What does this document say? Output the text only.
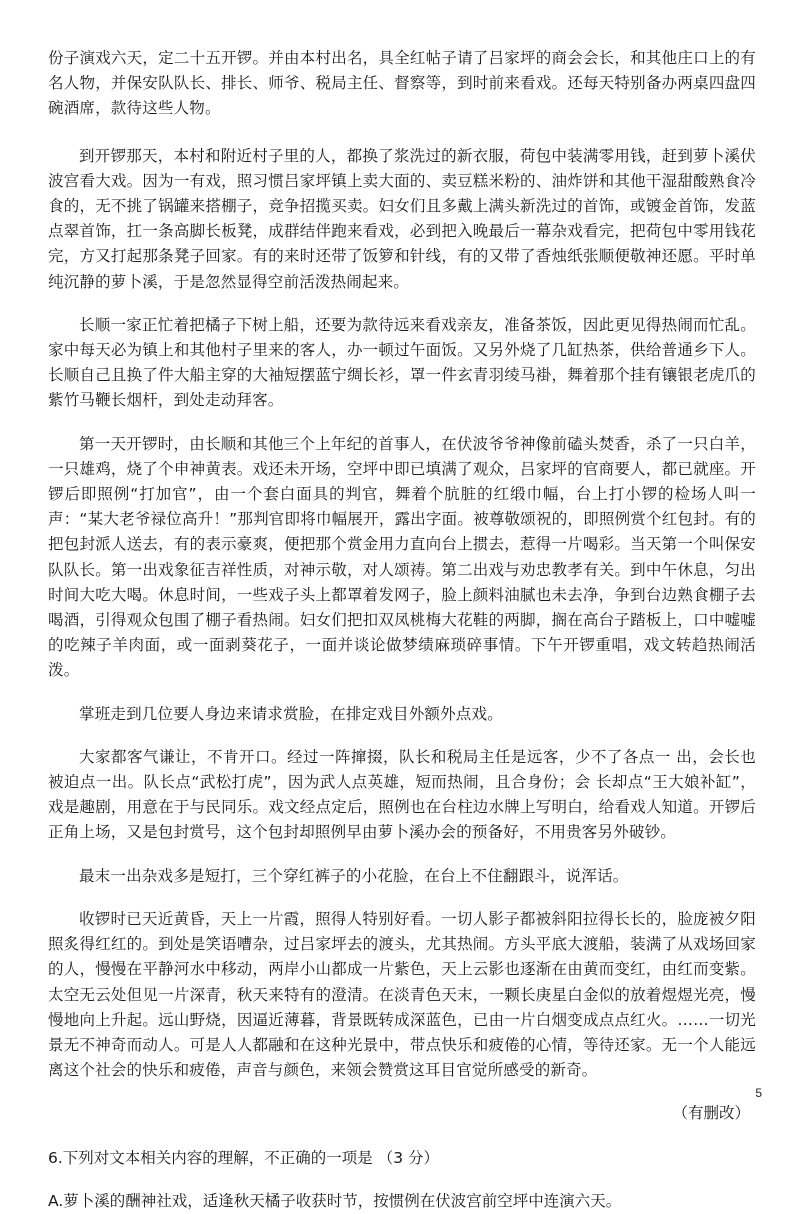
份子演戏六天，定二十五开锣。并由本村出名，具全红帖子请了吕家坪的商会会长，和其他庄口上的有名人物，并保安队队长、排长、师爷、税局主任、督察等，到时前来看戏。还每天特别备办两桌四盘四碗酒席，款待这些人物。

到开锣那天，本村和附近村子里的人，都换了浆洗过的新衣服，荷包中装满零用钱，赶到萝卜溪伏波宫看大戏。因为一有戏，照习惯吕家坪镇上卖大面的、卖豆糕米粉的、油炸饼和其他干湿甜酸熟食冷食的，无不挑了锅罐来搭棚子，竞争招揽买卖。妇女们且多戴上满头新洗过的首饰，或镀金首饰，发蓝点翠首饰，扛一条高脚长板凳，成群结伴跑来看戏，必到把入晚最后一幕杂戏看完，把荷包中零用钱花完，方又打起那条凳子回家。有的来时还带了饭箩和针线，有的又带了香烛纸张顺便敬神还愿。平时单纯沉静的萝卜溪，于是忽然显得空前活泼热闹起来。

长顺一家正忙着把橘子下树上船，还要为款待远来看戏亲友，准备茶饭，因此更见得热闹而忙乱。家中每天必为镇上和其他村子里来的客人，办一顿过午面饭。又另外烧了几缸热茶，供给普通乡下人。长顺自己且换了件大船主穿的大袖短摆蓝宁绸长衫，罩一件玄青羽绫马褂，舞着那个挂有镶银老虎爪的紫竹马鞭长烟杆，到处走动拜客。

第一天开锣时，由长顺和其他三个上年纪的首事人，在伏波爷爷神像前磕头焚香，杀了一只白羊，一只雄鸡，烧了个申神黄表。戏还未开场，空坪中即已填满了观众，吕家坪的官商要人，都已就座。开锣后即照例“打加官”，由一个套白面具的判官，舞着个肮脏的红缎巾幅，台上打小锣的检场人叫一声：“某大老爷禄位高升！”那判官即将巾幅展开，露出字面。被尊敬颂祝的，即照例赏个红包封。有的把包封派人送去，有的表示豪爽，便把那个赏金用力直向台上掼去，惹得一片喝彩。当天第一个叫保安队队长。第一出戏象征吉祥性质，对神示敬，对人颂祷。第二出戏与劝忠教孝有关。到中午休息，匀出时间大吃大喝。休息时间，一些戏子头上都罩着发网子，脸上颜料油腻也未去净，争到台边熟食棚子去喝酒，引得观众包围了棚子看热闹。妇女们把扣双凤桃梅大花鞋的两脚，搁在高台子踏板上，口中嘘嘘的吃辣子羊肉面，或一面剥葵花子，一面并谈论做梦绩麻琐碎事情。下午开锣重唱，戏文转趋热闹活泼。

掌班走到几位要人身边来请求赏脸，在排定戏目外额外点戏。

大家都客气谦让，不肯开口。经过一阵撺掇，队长和税局主任是远客，少不了各点一 出，会长也被迫点一出。队长点“武松打虎”，因为武人点英雄，短而热闹，且合身份；会 长却点“王大娘补缸”，戏是趣剧，用意在于与民同乐。戏文经点定后，照例也在台柱边水牌上写明白，给看戏人知道。开锣后正角上场，又是包封赏号，这个包封却照例早由萝卜溪办会的预备好，不用贵客另外破钞。

最末一出杂戏多是短打，三个穿红裤子的小花脸，在台上不住翻跟斗，说浑话。

收锣时已天近黄昏，天上一片霞，照得人特别好看。一切人影子都被斜阳拉得长长的，脸庞被夕阳照炙得红红的。到处是笑语嘈杂，过吕家坪去的渡头，尤其热闹。方头平底大渡船，装满了从戏场回家的人，慢慢在平静河水中移动，两岸小山都成一片紫色，天上云影也逐渐在由黄而变红，由红而变紫。太空无云处但见一片深青，秋天来特有的澄清。在淡青色天末，一颗长庚星白金似的放着煜煜光亮，慢慢地向上升起。远山野烧，因逼近薄暮，背景既转成深蓝色，已由一片白烟变成点点红火。……一切光景无不神奇而动人。可是人人都融和在这种光景中，带点快乐和疲倦的心情，等待还家。无一个人能远离这个社会的快乐和疲倦，声音与颜色，来领会赞赏这耳目官觉所感受的新奇。

（有删改）

6.下列对文本相关内容的理解，不正确的一项是 （3 分）

A.萝卜溪的酬神社戏，适逢秋天橘子收获时节，按惯例在伏波宫前空坪中连演六天。

5
